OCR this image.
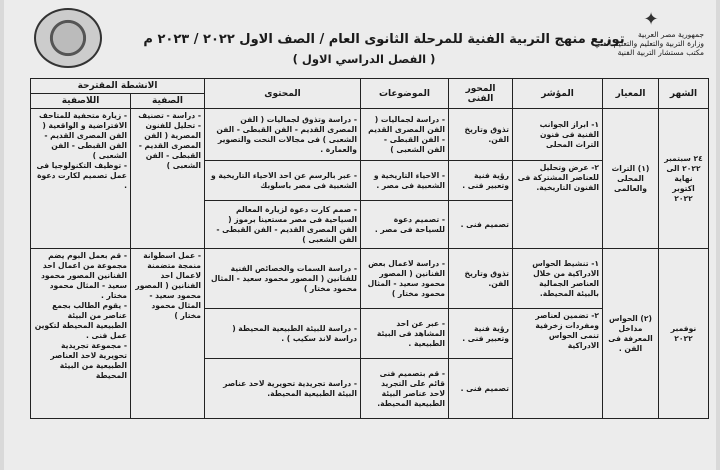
✦
جمهورية مصر العربية
وزارة التربية والتعليم والتعليم الفني
مكتب مستشار التربية الفنية
توزيع منهج التربية الفنية للمرحلة الثانوى العام / الصف الاول ٢٠٢٢ / ٢٠٢٣ م
( الفصل الدراسي الاول )
الشهر	المعيار	المؤشر	المحور الفنى	الموضوعات	المحتوى	الانشطة المقترحة	
						الصفية	اللاصفية
٢٤ سبتمبر ٢٠٢٢ الى نهاية اكتوبر ٢٠٢٢	(١) التراث المحلى والعالمى	١- ابراز الجوانب الفنية فى فنون التراث المحلى	تذوق وتاريخ الفن.	- دراسة لجماليات ( الفن المصرى القديم - الفن القبطى - الفن الشعبى )	- دراسة وتذوق لجماليات ( الفن المصرى القديم - الفن القبطى - الفن الشعبى ) فى مجالات النحت والتصوير والعمارة .	- دراسة - تصنيف - تحليل للفنون المصرية ( الفن المصرى القديم - القبطى - الفن الشعبى )	- زيارة متحفية للمتاحف الافتراضية و الواقعية ( الفن المصرى القديم - الفن القبطى - الفن الشعبى )
- توظيف التكنولوجيا فى عمل تصميم لكارت دعوة .
		٢- عرض وتحليل للعناصر المشتركة فى الفنون التاريخية.	رؤية فنية وتعبير فنى .	- الاحياء التاريخية و الشعبية فى مصر .	- عبر بالرسم عن احد الاحياء التاريخية و الشعبية فى مصر باسلوبك		
			تصميم فنى .	- تصميم دعوة للسياحة فى مصر .	- صمم كارت دعوة لزيارة المعالم السياحية فى مصر مستعينا برموز ( الفن المصرى القديم - الفن القبطى - الفن الشعبى )		
نوفمبر ٢٠٢٢	(٢) الحواس مداخل المعرفة فى الفن .	١- تنشيط الحواس الادراكية من خلال العناصر الجمالية بالبيئة المحيطة.	تذوق وتاريخ الفن.	- دراسة لاعمال بعض الفنانين ( المصور محمود سعيد - المثال محمود مختار )	- دراسة السمات والخصائص الفنية للفنانين ( المصور محمود سعيد - المثال محمود مختار )	- عمل اسطوانة منمجة متضمنة لاعمال احد الفنانين ( المصور محمود سعيد - المثال محمود مختار )	- قم بعمل البوم يضم مجموعة من اعمال احد الفنانين المصور محمود سعيد - المثال محمود مختار .
- يقوم الطالب بجمع عناصر من البيئة الطبيعية المحيطة لتكوين عمل فنى .
- مجموعة تجريدية تحويرية لاحد العناصر الطبيعية من البيئة المحيطة
		٢- تضمين لعناصر ومفردات زخرفية تنمى الحواس الادراكية	رؤية فنية وتعبير فنى .	- عبر عن احد المشاهد فى البيئة الطبيعية .	- دراسة للبيئة الطبيعية المحيطة ( دراسة لاند سكيب ) .		
			تصميم فنى .	- قم بتصميم فنى قائم على التجريد لاحد عناصر البيئة الطبيعية المحيطة.	- دراسة تجريدية تحويرية لاحد عناصر البيئة الطبيعية المحيطة.		
